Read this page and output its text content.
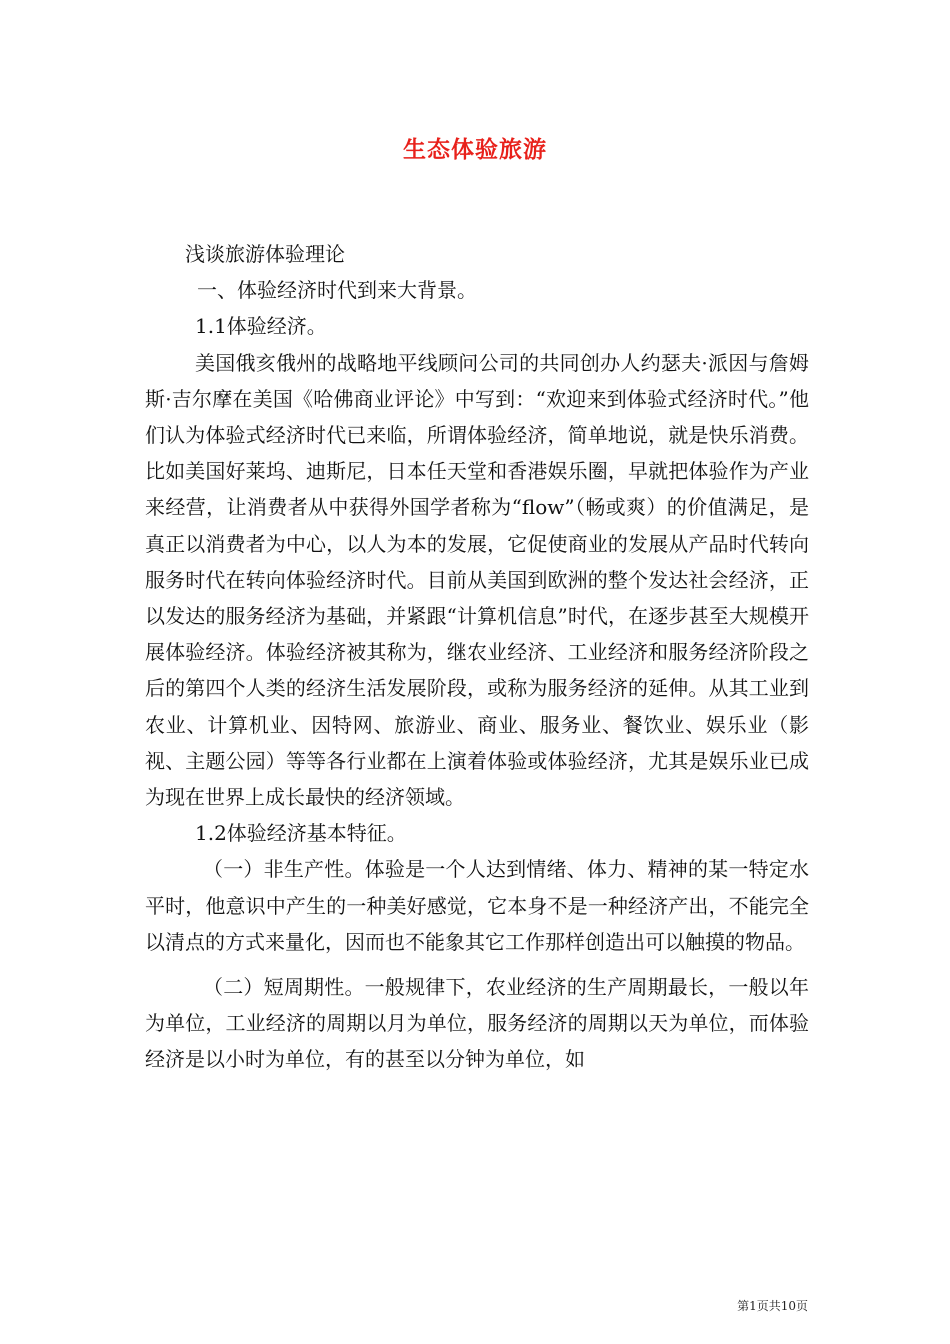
生态体验旅游

浅谈旅游体验理论

一、体验经济时代到来大背景。

1.1体验经济。

美国俄亥俄州的战略地平线顾问公司的共同创办人约瑟夫·派因与詹姆斯·吉尔摩在美国《哈佛商业评论》中写到：“欢迎来到体验式经济时代。”他们认为体验式经济时代已来临，所谓体验经济，简单地说，就是快乐消费。比如美国好莱坞、迪斯尼，日本任天堂和香港娱乐圈，早就把体验作为产业来经营，让消费者从中获得外国学者称为“flow”（畅或爽）的价值满足，是真正以消费者为中心，以人为本的发展，它促使商业的发展从产品时代转向服务时代在转向体验经济时代。目前从美国到欧洲的整个发达社会经济，正以发达的服务经济为基础，并紧跟“计算机信息”时代，在逐步甚至大规模开展体验经济。体验经济被其称为，继农业经济、工业经济和服务经济阶段之后的第四个人类的经济生活发展阶段，或称为服务经济的延伸。从其工业到农业、计算机业、因特网、旅游业、商业、服务业、餐饮业、娱乐业（影视、主题公园）等等各行业都在上演着体验或体验经济，尤其是娱乐业已成为现在世界上成长最快的经济领域。

1.2体验经济基本特征。

（一）非生产性。体验是一个人达到情绪、体力、精神的某一特定水平时，他意识中产生的一种美好感觉，它本身不是一种经济产出，不能完全以清点的方式来量化，因而也不能象其它工作那样创造出可以触摸的物品。

（二）短周期性。一般规律下，农业经济的生产周期最长，一般以年为单位，工业经济的周期以月为单位，服务经济的周期以天为单位，而体验经济是以小时为单位，有的甚至以分钟为单位，如

第1页共10页
